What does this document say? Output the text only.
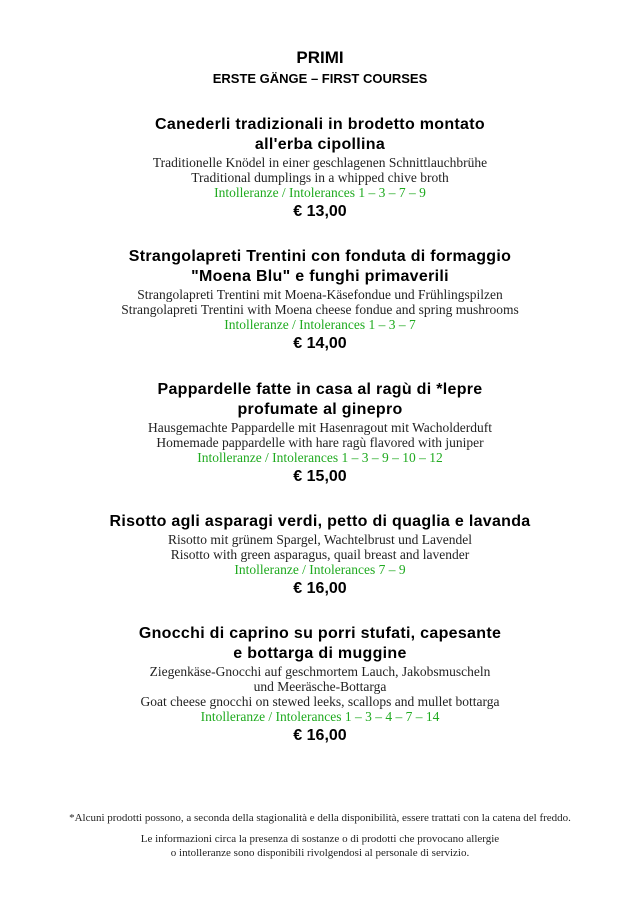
PRIMI
ERSTE GÄNGE – FIRST COURSES
Canederli tradizionali in brodetto montato
all'erba cipollina
Traditionelle Knödel in einer geschlagenen Schnittlauchbrühe
Traditional dumplings in a whipped chive broth
Intolleranze / Intolerances 1 – 3 – 7 – 9
€ 13,00
Strangolapreti Trentini con fonduta di formaggio
"Moena Blu" e funghi primaverili
Strangolapreti Trentini mit Moena-Käsefondue und Frühlingspilzen
Strangolapreti Trentini with Moena cheese fondue and spring mushrooms
Intolleranze / Intolerances 1 – 3 – 7
€ 14,00
Pappardelle fatte in casa al ragù di *lepre
profumate al ginepro
Hausgemachte Pappardelle mit Hasenragout mit Wacholderduft
Homemade pappardelle with hare ragù flavored with juniper
Intolleranze / Intolerances 1 – 3 – 9 – 10 – 12
€ 15,00
Risotto agli asparagi verdi, petto di quaglia e lavanda
Risotto mit grünem Spargel, Wachtelbrust und Lavendel
Risotto with green asparagus, quail breast and lavender
Intolleranze / Intolerances 7 – 9
€ 16,00
Gnocchi di caprino su porri stufati, capesante
e bottarga di muggine
Ziegenkäse-Gnocchi auf geschmortem Lauch, Jakobsmuscheln
und Meeräsche-Bottarga
Goat cheese gnocchi on stewed leeks, scallops and mullet bottarga
Intolleranze / Intolerances 1 – 3 – 4 – 7 – 14
€ 16,00
*Alcuni prodotti possono, a seconda della stagionalità e della disponibilità, essere trattati con la catena del freddo.
Le informazioni circa la presenza di sostanze o di prodotti che provocano allergie
o intolleranze sono disponibili rivolgendosi al personale di servizio.
